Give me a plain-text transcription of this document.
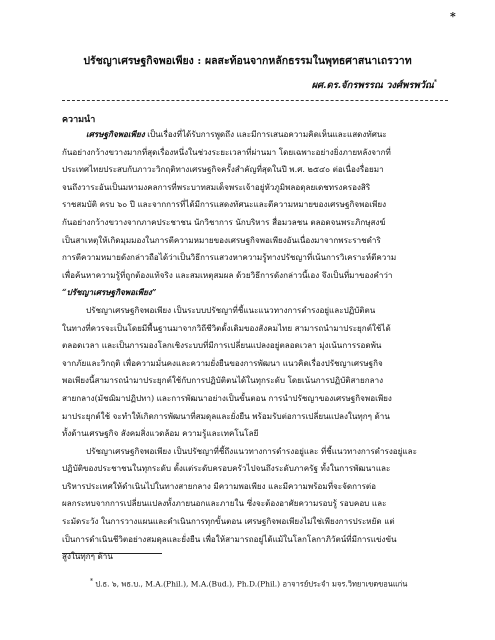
*
ปรัชญาเศรษฐกิจพอเพียง : ผลสะท้อนจากหลักธรรมในพุทธศาสนาเถรวาท
ผศ.ดร.จักรพรรณ วงศ์พรพวัณ*
ความนำ
เศรษฐกิจพอเพียง เป็นเรื่องที่ได้รับการพูดถึง และมีการเสนอความคิดเห็นและแสดงทัศนะ
กันอย่างกว้างขวางมากที่สุดเรื่องหนึ่งในช่วงระยะเวลาที่ผ่านมา โดยเฉพาะอย่างยิ่งภายหลังจากที่
ประเทศไทยประสบกับภาวะวิกฤติทางเศรษฐกิจครั้งสำคัญที่สุดในปี พ.ศ. ๒๕๔๐ ต่อเนื่องรื่อยมา
จนถึงวาระอันเป็นมหามงคลการที่พระบาทสมเด็จพระเจ้าอยู่หัวภูมิพลอดุลยเดชทรงครองสิริ
ราชสมบัติ ครบ ๖๐ ปี และจากการที่ได้มีการแสดงทัศนะและตีความหมายของเศรษฐกิจพอเพียง
กันอย่างกว้างขวางจากภาคประชาชน นักวิชาการ นักบริหาร สื่อมวลชน ตลอดจนพระภิกษุสงฆ์
เป็นสาเหตุให้เกิดมุมมองในการตีความหมายของเศรษฐกิจพอเพียงอันเนื่องมาจากพระราชดำริ
การตีความหมายดังกล่าวถือได้ว่าเป็นวิธีการแสวงหาความรู้ทางปรัชญาที่เน้นการวิเคราะห์ตีความ
เพื่อค้นหาความรู้ที่ถูกต้องแท้จริง และสมเหตุสมผล ด้วยวิธีการดังกล่าวนี้เอง จึงเป็นที่มาของคำว่า
“ปรัชญาเศรษฐกิจพอเพียง”
ปรัชญาเศรษฐกิจพอเพียง เป็นระบบปรัชญาที่ชี้แนะแนวทางการดำรงอยู่และปฏิบัติตน
ในทางที่ควรจะเป็นโดยมีพื้นฐานมาจากวิถีชีวิตดั้งเดิมของสังคมไทย สามารถนำมาประยุกต์ใช้ได้
ตลอดเวลา และเป็นการมองโลกเชิงระบบที่มีการเปลี่ยนแปลงอยู่ตลอดเวลา มุ่งเน้นการรอดพ้น
จากภัยและวิกฤติ เพื่อความมั่นคงและความยั่งยืนของการพัฒนา แนวคิดเรื่องปรัชญาเศรษฐกิจ
พอเพียงนี้สามารถนำมาประยุกต์ใช้กับการปฏิบัติตนได้ในทุกระดับ โดยเน้นการปฏิบัติสายกลาง
สายกลาง(มัชฌิมาปฏิปทา) และการพัฒนาอย่างเป็นขั้นตอน การนำปรัชญาของเศรษฐกิจพอเพียง
มาประยุกต์ใช้ จะทำให้เกิดการพัฒนาที่สมดุลและยั่งยืน พร้อมรับต่อการเปลี่ยนแปลงในทุกๆ ด้าน
ทั้งด้านเศรษฐกิจ สังคมสิ่งแวดล้อม ความรู้และเทคโนโลยี
ปรัชญาเศรษฐกิจพอเพียง เป็นปรัชญาที่ชี้ถึงแนวทางการดำรงอยู่และ ที่ชี้แนวทางการดำรงอยู่และ
ปฏิบัติของประชาชนในทุกระดับ ตั้งแต่ระดับครอบครัวไปจนถึงระดับภาครัฐ ทั้งในการพัฒนาและ
บริหารประเทศให้ดำเนินไปในทางสายกลาง มีความพอเพียง และมีความพร้อมที่จะจัดการต่อ
ผลกระทบจากการเปลี่ยนแปลงทั้งภายนอกและภายใน ซึ่งจะต้องอาศัยความรอบรู้ รอบคอบ และ
ระมัดระวัง ในการวางแผนและดำเนินการทุกขั้นตอน เศรษฐกิจพอเพียงไม่ใช่เพียงการประหยัด แต่
เป็นการดำเนินชีวิตอย่างสมดุลและยั่งยืน เพื่อให้สามารถอยู่ได้แม้ในโลกโลกาภิวัตน์ที่มีการแข่งขัน
สูงในทุกๆ ด้าน
* ป.ธ. ๖, พธ.บ., M.A.(Phil.), M.A.(Bud.), Ph.D.(Phil.) อาจารย์ประจำ มจร.วิทยาเขตขอนแก่น
